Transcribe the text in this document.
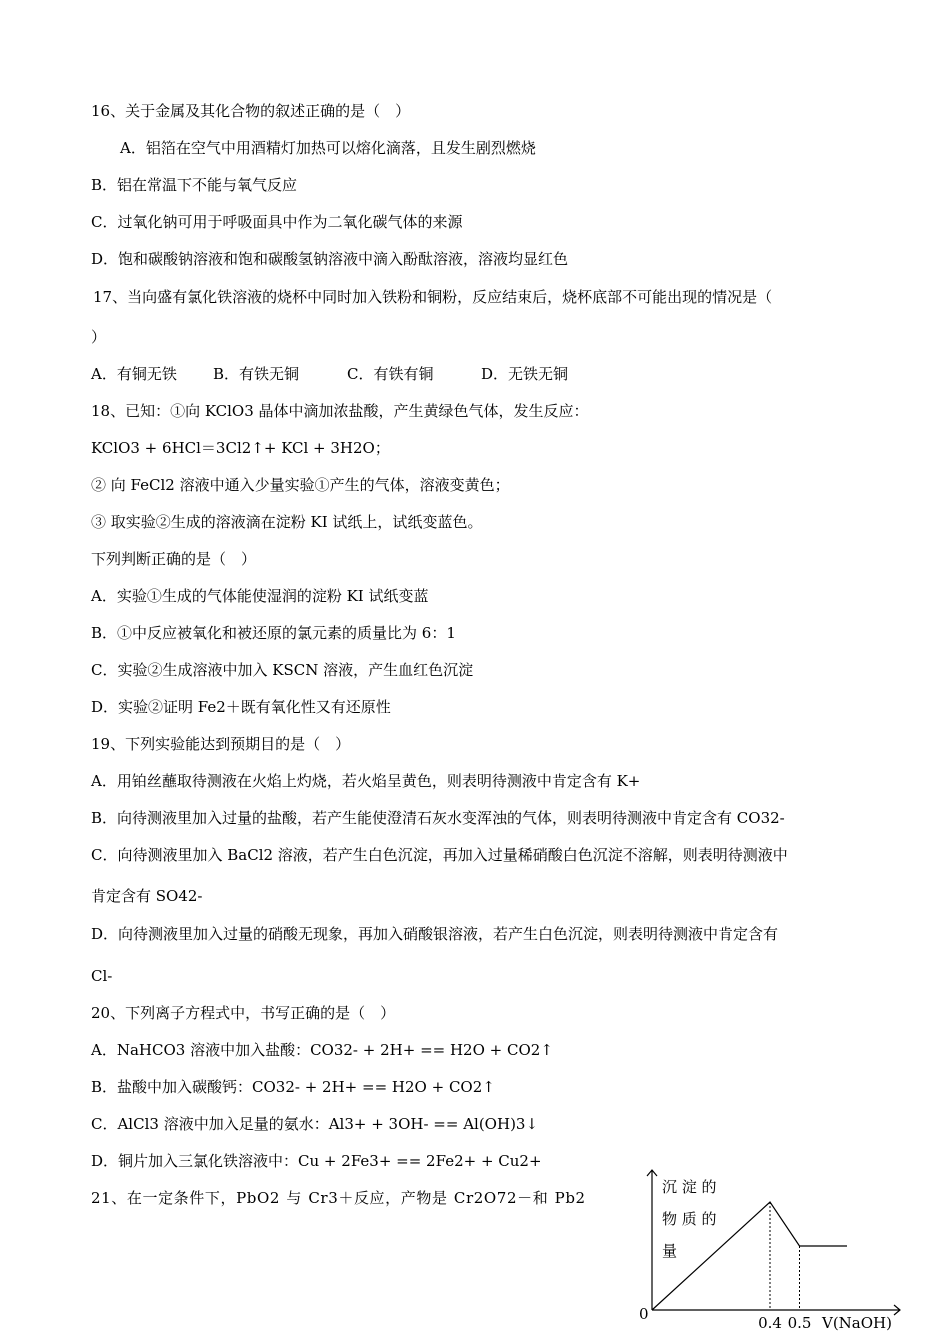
16、关于金属及其化合物的叙述正确的是（　）
A．铝箔在空气中用酒精灯加热可以熔化滴落，且发生剧烈燃烧
B．铝在常温下不能与氧气反应
C．过氧化钠可用于呼吸面具中作为二氧化碳气体的来源
D．饱和碳酸钠溶液和饱和碳酸氢钠溶液中滴入酚酞溶液，溶液均显红色
17、当向盛有氯化铁溶液的烧杯中同时加入铁粉和铜粉，反应结束后，烧杯底部不可能出现的情况是（
）
A．有铜无铁 B．有铁无铜	C．有铁有铜	D．无铁无铜
18、已知：①向 KClO3 晶体中滴加浓盐酸，产生黄绿色气体，发生反应：
KClO3 + 6HCl＝3Cl2↑+ KCl + 3H2O；
② 向 FeCl2 溶液中通入少量实验①产生的气体，溶液变黄色；
③ 取实验②生成的溶液滴在淀粉 KI 试纸上，试纸变蓝色。
下列判断正确的是（　）
A．实验①生成的气体能使湿润的淀粉 KI 试纸变蓝
B．①中反应被氧化和被还原的氯元素的质量比为 6：1
C．实验②生成溶液中加入 KSCN 溶液，产生血红色沉淀
D．实验②证明 Fe2＋既有氧化性又有还原性
19、下列实验能达到预期目的是（　）
A．用铂丝蘸取待测液在火焰上灼烧，若火焰呈黄色，则表明待测液中肯定含有 K+
B．向待测液里加入过量的盐酸，若产生能使澄清石灰水变浑浊的气体，则表明待测液中肯定含有 CO32-
C．向待测液里加入 BaCl2 溶液，若产生白色沉淀，再加入过量稀硝酸白色沉淀不溶解，则表明待测液中
肯定含有 SO42-
D．向待测液里加入过量的硝酸无现象，再加入硝酸银溶液，若产生白色沉淀，则表明待测液中肯定含有
Cl-
20、下列离子方程式中，书写正确的是（　）
A．NaHCO3 溶液中加入盐酸：CO32- + 2H+ == H2O + CO2↑
B．盐酸中加入碳酸钙：CO32- + 2H+ == H2O + CO2↑
C．AlCl3 溶液中加入足量的氨水：Al3+ + 3OH- == Al(OH)3↓
D．铜片加入三氯化铁溶液中：Cu + 2Fe3+ == 2Fe2+ + Cu2+
21、在一定条件下，PbO2 与 Cr3＋反应，产物是 Cr2O72－和 Pb2
沉 淀 的
物 质 的
量
0	0.4 0.5 V(NaOH)
